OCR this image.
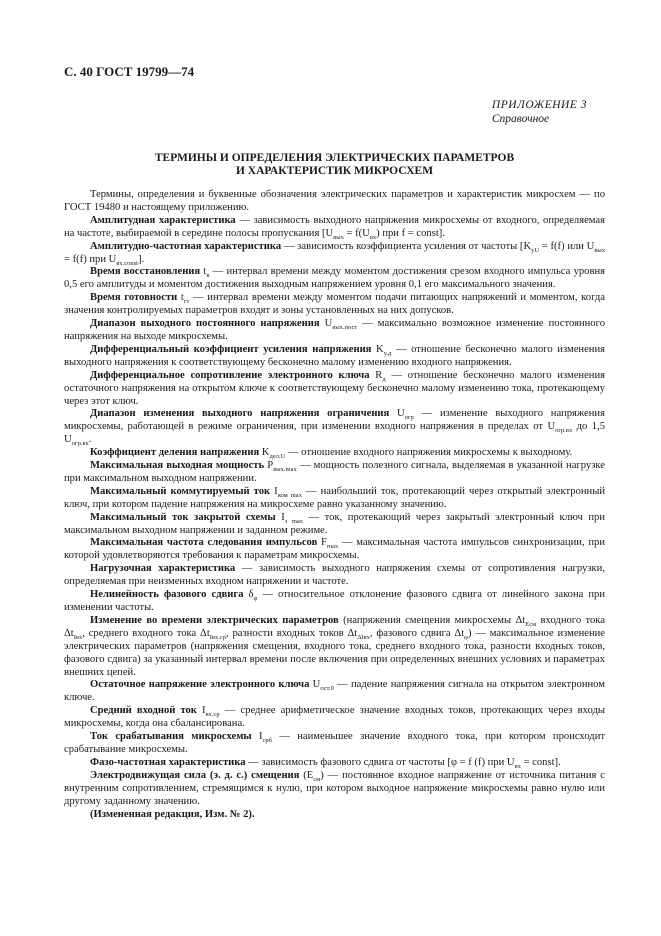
С. 40 ГОСТ 19799—74
ПРИЛОЖЕНИЕ 3
Справочное
ТЕРМИНЫ И ОПРЕДЕЛЕНИЯ ЭЛЕКТРИЧЕСКИХ ПАРАМЕТРОВ
И ХАРАКТЕРИСТИК МИКРОСХЕМ

Термины, определения и буквенные обозначения электрических параметров и характеристик микросхем — по ГОСТ 19480 и настоящему приложению.

Амплитудная характеристика — зависимость выходного напряжения микросхемы от входного, определяемая на частоте, выбираемой в середине полосы пропускания [$U_{вых} = f(U_{вх})$ при f = const].

Амплитудно-частотная характеристика — зависимость коэффициента усиления от частоты [$K_{уU} = f(f)$ или $U_{вых} = f(f)$ при $U_{вх.const}$].

Время восстановления $t_в$ — интервал времени между моментом достижения срезом входного импульса уровня 0,5 его амплитуды и моментом достижения выходным напряжением уровня 0,1 его максимального значения.

Время готовности $t_{гт}$ — интервал времени между моментом подачи питающих напряжений и моментом, когда значения контролируемых параметров входят и зоны установленных на них допусков.

Диапазон выходного постоянного напряжения $U_{вых.пост}$ — максимально возможное изменение постоянного напряжения на выходе микросхемы.

Дифференциальный коэффициент усиления напряжения $K_{у.д}$ — отношение бесконечно малого изменения выходного напряжения к соответствующему бесконечно малому изменению входного напряжения.

Дифференциальное сопротивление электронного ключа $R_д$ — отношение бесконечно малого изменения остаточного напряжения на открытом ключе к соответствующему бесконечно малому изменению тока, протекающему через этот ключ.

Диапазон изменения выходного напряжения ограничения $U_{огр}$ — изменение выходного напряжения микросхемы, работающей в режиме ограничения, при изменении входного напряжения в пределах от $U_{огр.вх}$ до 1,5 $U_{огр.вх}$.

Коэффициент деления напряжения $K_{дел.U}$ — отношение входного напряжения микросхемы к выходному.

Максимальная выходная мощность $P_{вых.max}$ — мощность полезного сигнала, выделяемая в указанной нагрузке при максимальном выходном напряжении.

Максимальный коммутируемый ток $I_{ком max}$ — наибольший ток, протекающий через открытый электронный ключ, при котором падение напряжения на микросхеме равно указанному значению.

Максимальный ток закрытой схемы $I_{з max}$ — ток, протекающий через закрытый электронный ключ при максимальном выходном напряжении и заданном режиме.

Максимальная частота следования импульсов $F_{max}$ — максимальная частота импульсов синхронизации, при которой удовлетворяются требования к параметрам микросхемы.

Нагрузочная характеристика — зависимость выходного напряжения схемы от сопротивления нагрузки, определяемая при неизменных входном напряжении и частоте.

Нелинейность фазового сдвига $\delta_\varphi$ — относительное отклонение фазового сдвига от линейного закона при изменении частоты.

Изменение во времени электрических параметров (напряжения смещения микросхемы $\Delta t_{Eсм}$ входного тока $\Delta t_{Iвх}$, среднего входного тока $\Delta t_{Iвх.ср}$, разности входных токов $\Delta t_{\Delta Iвх}$, фазового сдвига $\Delta t_\varphi$) — максимальное изменение электрических параметров (напряжения смещения, входного тока, среднего входного тока, разности входных токов, фазового сдвига) за указанный интервал времени после включения при определенных внешних условиях и параметрах внешних цепей.

Остаточное напряжение электронного ключа $U_{ост.0}$ — падение напряжения сигнала на открытом электронном ключе.

Средний входной ток $I_{вх.ср}$ — среднее арифметическое значение входных токов, протекающих через входы микросхемы, когда она сбалансирована.

Ток срабатывания микросхемы $I_{срб}$ — наименьшее значение входного тока, при котором происходит срабатывание микросхемы.

Фазо-частотная характеристика — зависимость фазового сдвига от частоты [φ = f (f) при $U_{вх}$ = const].

Электродвижущая сила (э. д. с.) смещения $(E_{см})$ — постоянное входное напряжение от источника питания с внутренним сопротивлением, стремящимся к нулю, при котором выходное напряжение микросхемы равно нулю или другому заданному значению.

(Измененная редакция, Изм. № 2).
